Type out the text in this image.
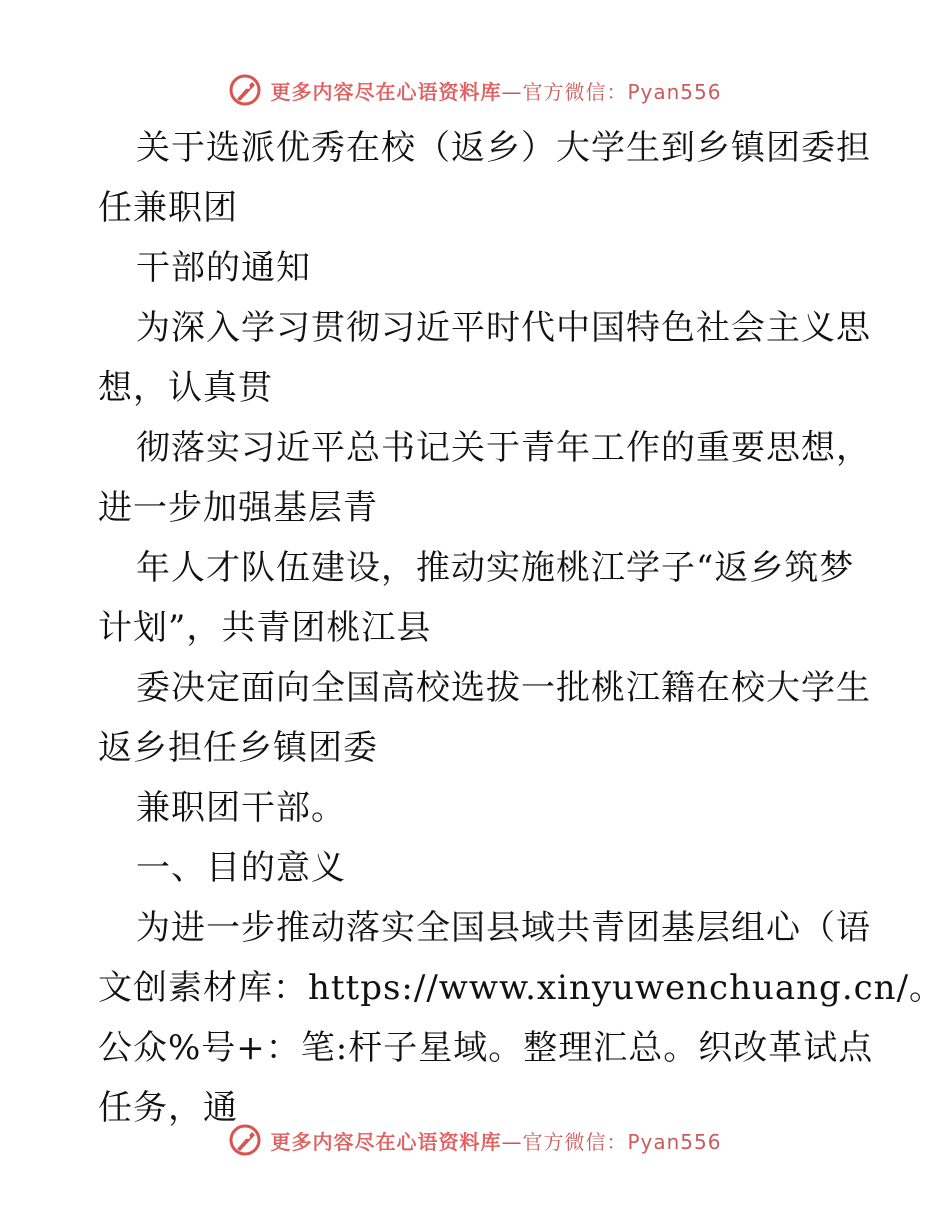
更多内容尽在心语资料库—官方微信：Pyan556
关于选派优秀在校（返乡）大学生到乡镇团委担
任兼职团
干部的通知
为深入学习贯彻习近平时代中国特色社会主义思
想，认真贯
彻落实习近平总书记关于青年工作的重要思想，
进一步加强基层青
年人才队伍建设，推动实施桃江学子“返乡筑梦
计划”，共青团桃江县
委决定面向全国高校选拔一批桃江籍在校大学生
返乡担任乡镇团委
兼职团干部。
一、目的意义
为进一步推动落实全国县域共青团基层组心（语
文创素材库：https://www.xinyuwenchuang.cn/。
公众%号+：笔:杆子星域。整理汇总。织改革试点
任务，通
更多内容尽在心语资料库—官方微信：Pyan556
